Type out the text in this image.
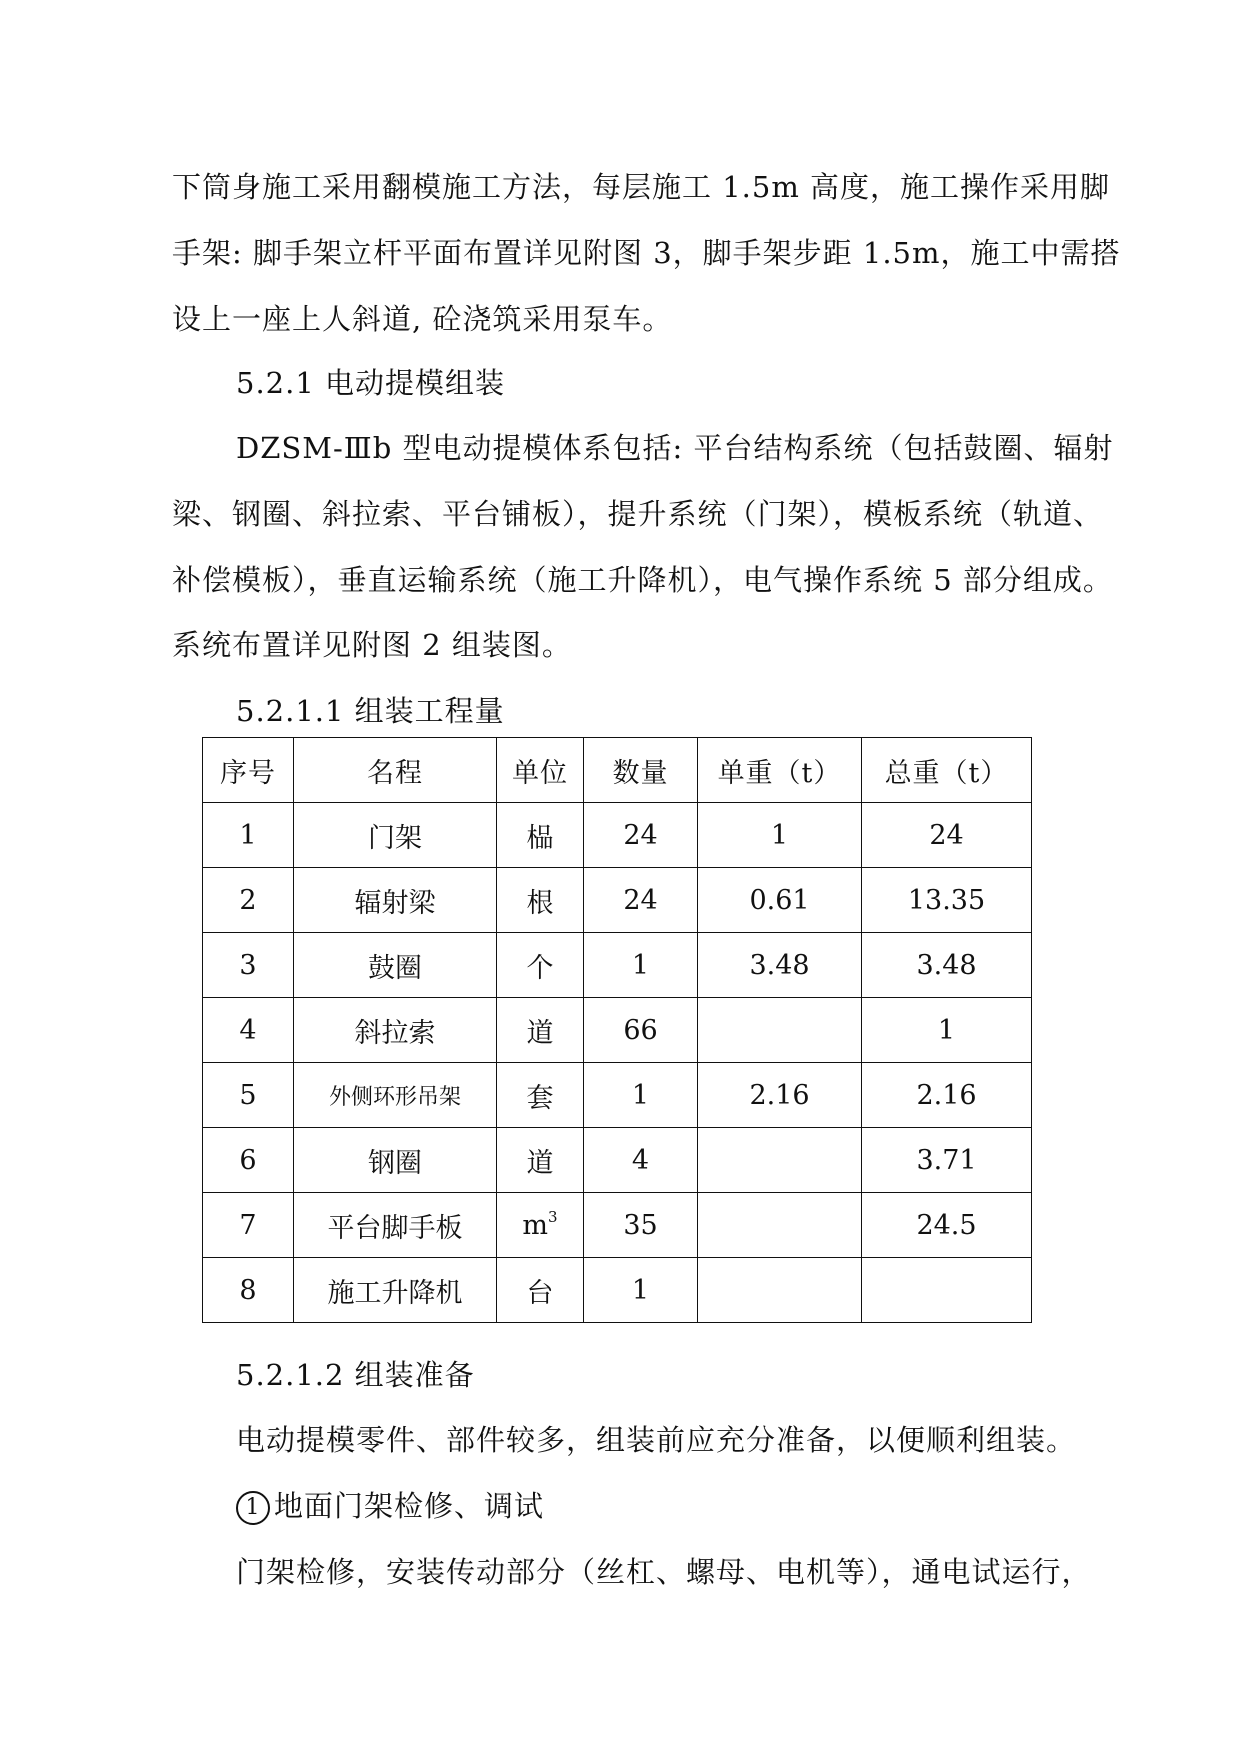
下筒身施工采用翻模施工方法，每层施工 1.5m 高度，施工操作采用脚

手架: 脚手架立杆平面布置详见附图 3，脚手架步距 1.5m，施工中需搭

设上一座上人斜道, 砼浇筑采用泵车。

5.2.1 电动提模组装

DZSM-Ⅲb 型电动提模体系包括: 平台结构系统（包括鼓圈、辐射

梁、钢圈、斜拉索、平台铺板），提升系统（门架），模板系统（轨道、

补偿模板），垂直运输系统（施工升降机），电气操作系统 5 部分组成。

系统布置详见附图 2 组装图。

5.2.1.1 组装工程量

序号	名程	单位	数量	单重（t）	总重（t）
1	门架	榀	24	1	24
2	辐射梁	根	24	0.61	13.35
3	鼓圈	个	1	3.48	3.48
4	斜拉索	道	66		1
5	外侧环形吊架	套	1	2.16	2.16
6	钢圈	道	4		3.71
7	平台脚手板	$m^3$	35		24.5
8	施工升降机	台	1		

5.2.1.2 组装准备

电动提模零件、部件较多，组装前应充分准备，以便顺利组装。

1 地面门架检修、调试

门架检修，安装传动部分（丝杠、螺母、电机等），通电试运行，
